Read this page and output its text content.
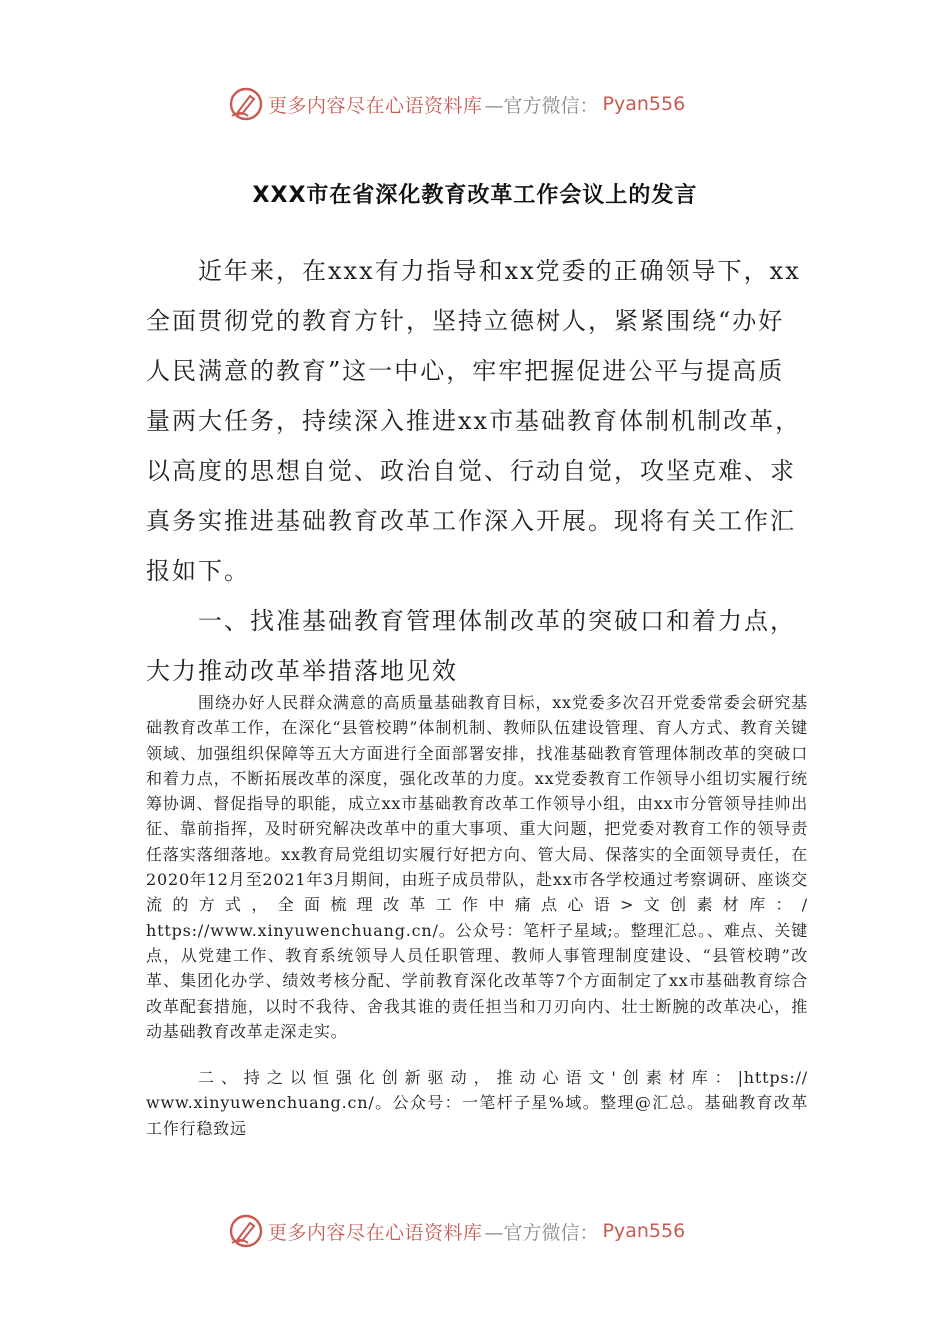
更多内容尽在心语资料库 —官方微信： Pyan556
XXX市在省深化教育改革工作会议上的发言

近年来，在xxx有力指导和xx党委的正确领导下，xx全面贯彻党的教育方针，坚持立德树人，紧紧围绕“办好人民满意的教育”这一中心，牢牢把握促进公平与提高质量两大任务，持续深入推进xx市基础教育体制机制改革，以高度的思想自觉、政治自觉、行动自觉，攻坚克难、求真务实推进基础教育改革工作深入开展。现将有关工作汇报如下。

一、找准基础教育管理体制改革的突破口和着力点，大力推动改革举措落地见效

围绕办好人民群众满意的高质量基础教育目标，xx党委多次召开党委常委会研究基础教育改革工作，在深化“县管校聘”体制机制、教师队伍建设管理、育人方式、教育关键领域、加强组织保障等五大方面进行全面部署安排，找准基础教育管理体制改革的突破口和着力点，不断拓展改革的深度，强化改革的力度。xx党委教育工作领导小组切实履行统筹协调、督促指导的职能，成立xx市基础教育改革工作领导小组，由xx市分管领导挂帅出征、靠前指挥，及时研究解决改革中的重大事项、重大问题，把党委对教育工作的领导责任落实落细落地。xx教育局党组切实履行好把方向、管大局、保落实的全面领导责任，在2020年12月至2021年3月期间，由班子成员带队，赴xx市各学校通过考察调研、座谈交流的方式，全面梳理改革工作中痛点心语>文创素材库：/ https://www.xinyuwenchuang.cn/。公众号：笔杆子星域;。整理汇总。、难点、关键点，从党建工作、教育系统领导人员任职管理、教师人事管理制度建设、“县管校聘”改革、集团化办学、绩效考核分配、学前教育深化改革等7个方面制定了xx市基础教育综合改革配套措施，以时不我待、舍我其谁的责任担当和刀刃向内、壮士断腕的改革决心，推动基础教育改革走深走实。

二、持之以恒强化创新驱动，推动心语文'创素材库：|https:// www.xinyuwenchuang.cn/。公众号：一笔杆子星%域。整理@汇总。基础教育改革工作行稳致远

更多内容尽在心语资料库 —官方微信： Pyan556
